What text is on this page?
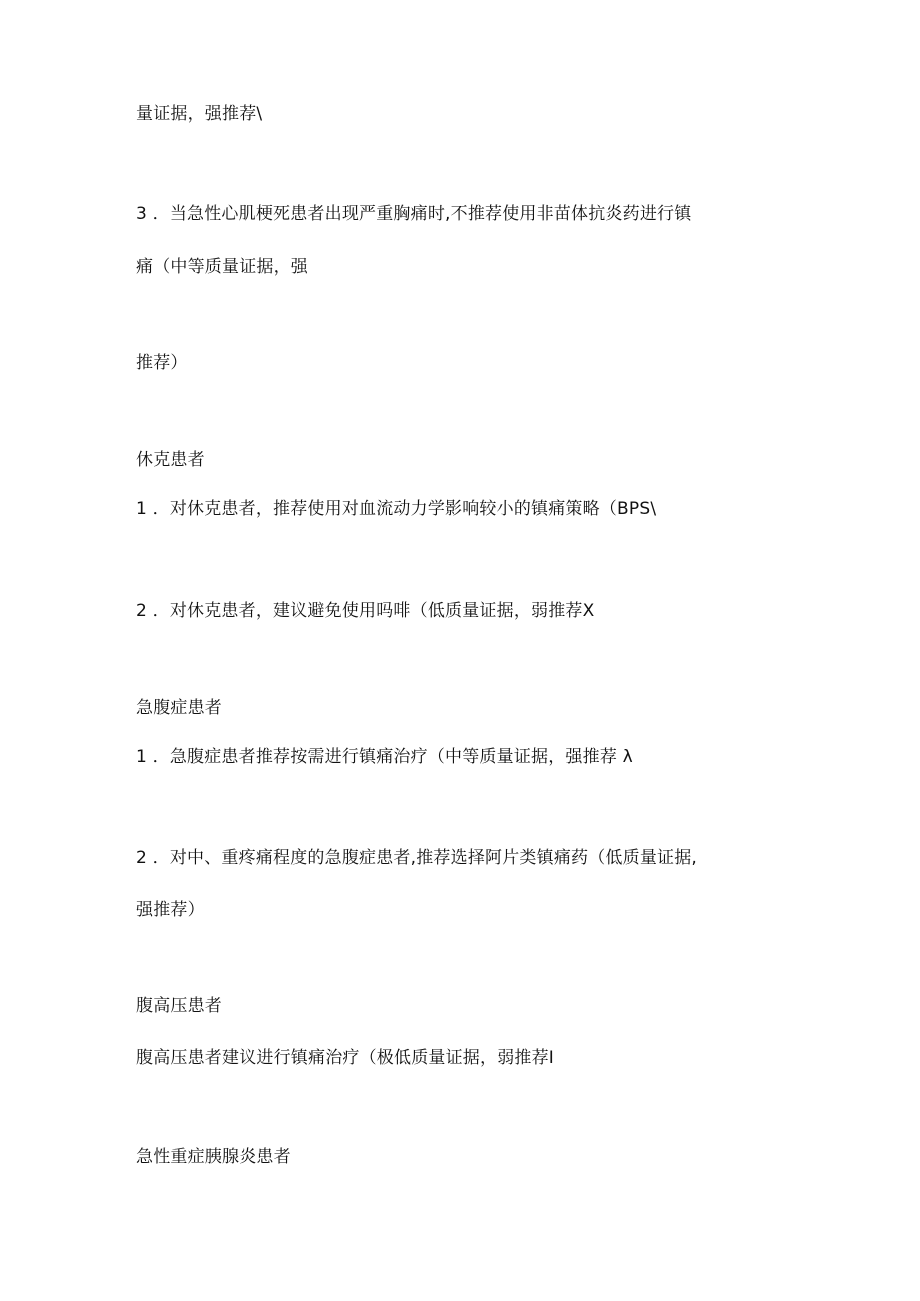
量证据，强推荐\
3 ．当急性心肌梗死患者出现严重胸痛时,不推荐使用非苗体抗炎药进行镇
痛（中等质量证据，强
推荐）
休克患者
1 ．对休克患者，推荐使用对血流动力学影响较小的镇痛策略（BPS\
2 ．对休克患者，建议避免使用吗啡（低质量证据，弱推荐X
急腹症患者
1 ．急腹症患者推荐按需进行镇痛治疗（中等质量证据，强推荐 λ
2 ．对中、重疼痛程度的急腹症患者,推荐选择阿片类镇痛药（低质量证据,
强推荐）
腹高压患者
腹高压患者建议进行镇痛治疗（极低质量证据，弱推荐I
急性重症胰腺炎患者
